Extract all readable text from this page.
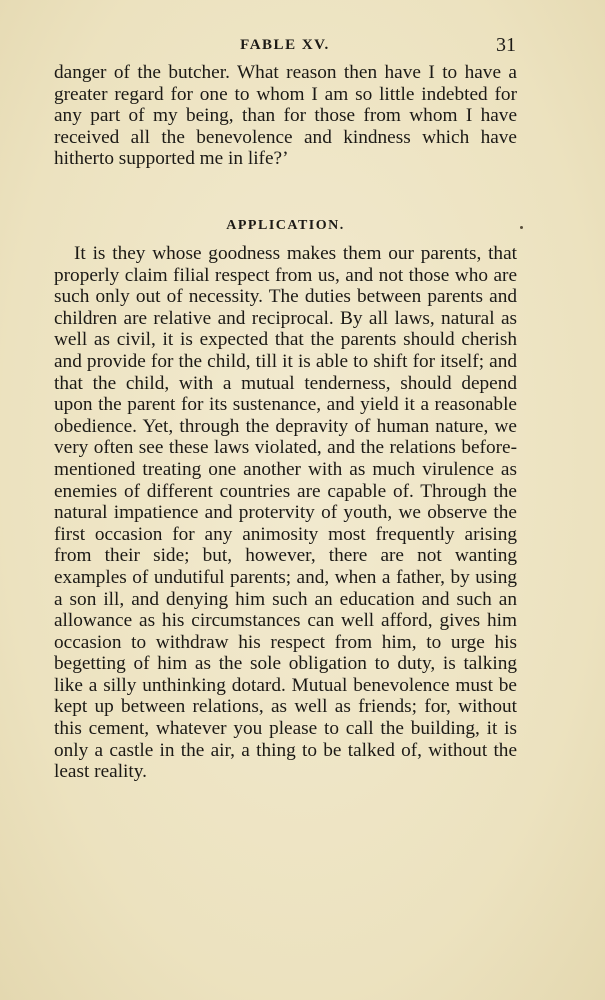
FABLE XV.	31

danger of the butcher. What reason then have I to have a greater regard for one to whom I am so little indebted for any part of my being, than for those from whom I have received all the benevolence and kindness which have hitherto supported me in life?’

APPLICATION.

It is they whose goodness makes them our parents, that properly claim filial respect from us, and not those who are such only out of necessity. The duties between parents and children are relative and reciprocal. By all laws, natural as well as civil, it is expected that the parents should cherish and provide for the child, till it is able to shift for itself; and that the child, with a mutual tenderness, should depend upon the parent for its sustenance, and yield it a reasonable obedience. Yet, through the depravity of human nature, we very often see these laws violated, and the relations before-mentioned treating one another with as much virulence as enemies of different countries are capable of. Through the natural impatience and protervity of youth, we observe the first occasion for any animosity most frequently arising from their side; but, however, there are not wanting examples of undutiful parents; and, when a father, by using a son ill, and denying him such an education and such an allowance as his circumstances can well afford, gives him occasion to withdraw his respect from him, to urge his begetting of him as the sole obligation to duty, is talking like a silly unthinking dotard. Mutual benevolence must be kept up between relations, as well as friends; for, without this cement, whatever you please to call the building, it is only a castle in the air, a thing to be talked of, without the least reality.
